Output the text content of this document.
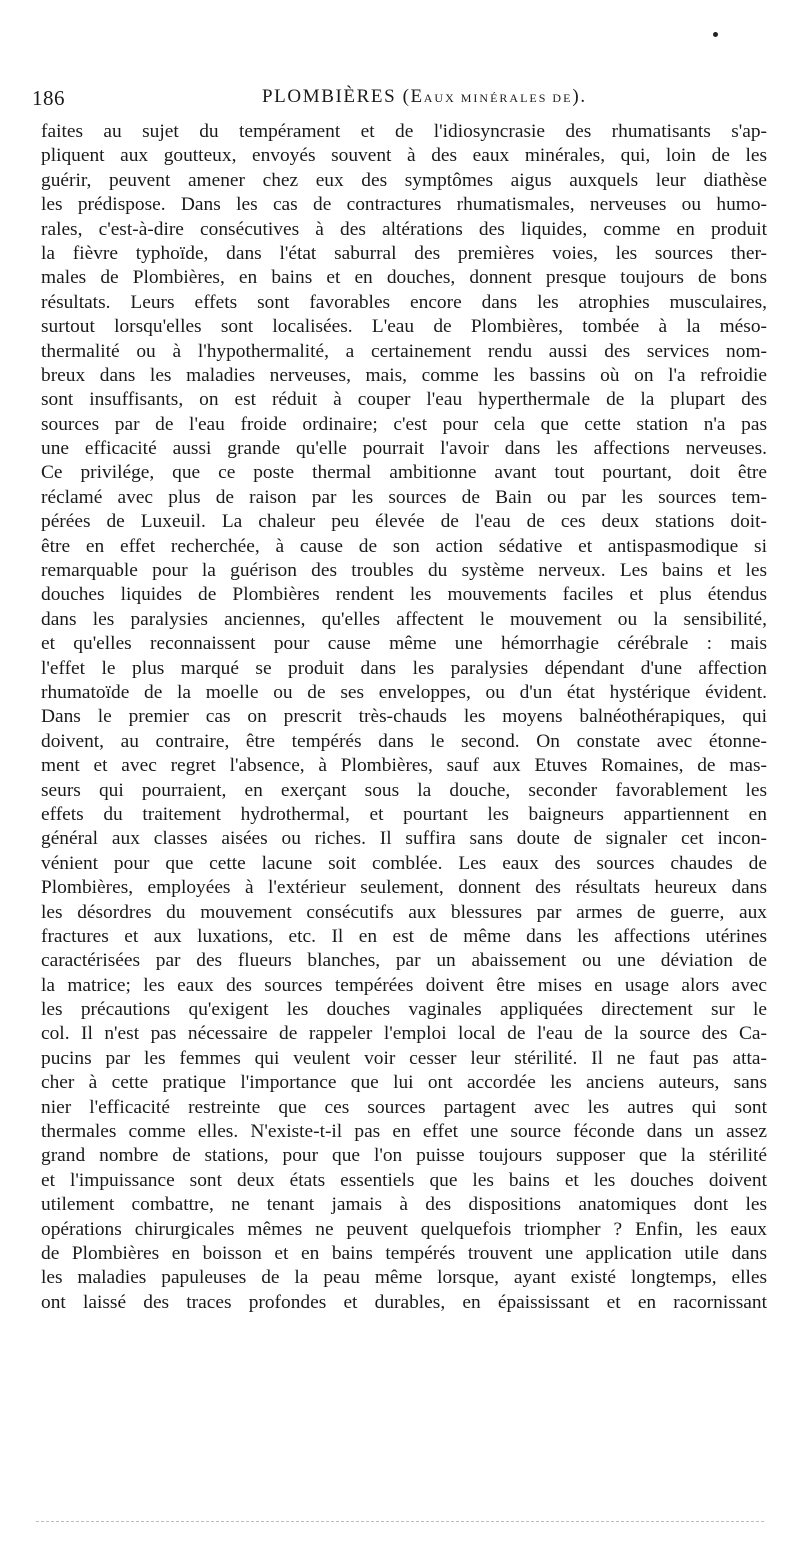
186	PLOMBIÈRES (EAUX MINÉRALES DE).
faites au sujet du tempérament et de l'idiosyncrasie des rhumatisants s'ap-
pliquent aux goutteux, envoyés souvent à des eaux minérales, qui, loin de les
guérir, peuvent amener chez eux des symptômes aigus auxquels leur diathèse
les prédispose. Dans les cas de contractures rhumatismales, nerveuses ou humo-
rales, c'est-à-dire consécutives à des altérations des liquides, comme en produit
la fièvre typhoïde, dans l'état saburral des premières voies, les sources ther-
males de Plombières, en bains et en douches, donnent presque toujours de bons
résultats. Leurs effets sont favorables encore dans les atrophies musculaires,
surtout lorsqu'elles sont localisées. L'eau de Plombières, tombée à la méso-
thermalité ou à l'hypothermalité, a certainement rendu aussi des services nom-
breux dans les maladies nerveuses, mais, comme les bassins où on l'a refroidie
sont insuffisants, on est réduit à couper l'eau hyperthermale de la plupart des
sources par de l'eau froide ordinaire; c'est pour cela que cette station n'a pas
une efficacité aussi grande qu'elle pourrait l'avoir dans les affections nerveuses.
Ce privilége, que ce poste thermal ambitionne avant tout pourtant, doit être
réclamé avec plus de raison par les sources de Bain ou par les sources tem-
pérées de Luxeuil. La chaleur peu élevée de l'eau de ces deux stations doit-
être en effet recherchée, à cause de son action sédative et antispasmodique si
remarquable pour la guérison des troubles du système nerveux. Les bains et les
douches liquides de Plombières rendent les mouvements faciles et plus étendus
dans les paralysies anciennes, qu'elles affectent le mouvement ou la sensibilité,
et qu'elles reconnaissent pour cause même une hémorrhagie cérébrale : mais
l'effet le plus marqué se produit dans les paralysies dépendant d'une affection
rhumatoïde de la moelle ou de ses enveloppes, ou d'un état hystérique évident.
Dans le premier cas on prescrit très-chauds les moyens balnéothérapiques, qui
doivent, au contraire, être tempérés dans le second. On constate avec étonne-
ment et avec regret l'absence, à Plombières, sauf aux Etuves Romaines, de mas-
seurs qui pourraient, en exerçant sous la douche, seconder favorablement les
effets du traitement hydrothermal, et pourtant les baigneurs appartiennent en
général aux classes aisées ou riches. Il suffira sans doute de signaler cet incon-
vénient pour que cette lacune soit comblée. Les eaux des sources chaudes de
Plombières, employées à l'extérieur seulement, donnent des résultats heureux dans
les désordres du mouvement consécutifs aux blessures par armes de guerre, aux
fractures et aux luxations, etc. Il en est de même dans les affections utérines
caractérisées par des flueurs blanches, par un abaissement ou une déviation de
la matrice; les eaux des sources tempérées doivent être mises en usage alors avec
les précautions qu'exigent les douches vaginales appliquées directement sur le
col. Il n'est pas nécessaire de rappeler l'emploi local de l'eau de la source des Ca-
pucins par les femmes qui veulent voir cesser leur stérilité. Il ne faut pas atta-
cher à cette pratique l'importance que lui ont accordée les anciens auteurs, sans
nier l'efficacité restreinte que ces sources partagent avec les autres qui sont
thermales comme elles. N'existe-t-il pas en effet une source féconde dans un assez
grand nombre de stations, pour que l'on puisse toujours supposer que la stérilité
et l'impuissance sont deux états essentiels que les bains et les douches doivent
utilement combattre, ne tenant jamais à des dispositions anatomiques dont les
opérations chirurgicales mêmes ne peuvent quelquefois triompher ? Enfin, les eaux
de Plombières en boisson et en bains tempérés trouvent une application utile dans
les maladies papuleuses de la peau même lorsque, ayant existé longtemps, elles
ont laissé des traces profondes et durables, en épaississant et en racornissant
